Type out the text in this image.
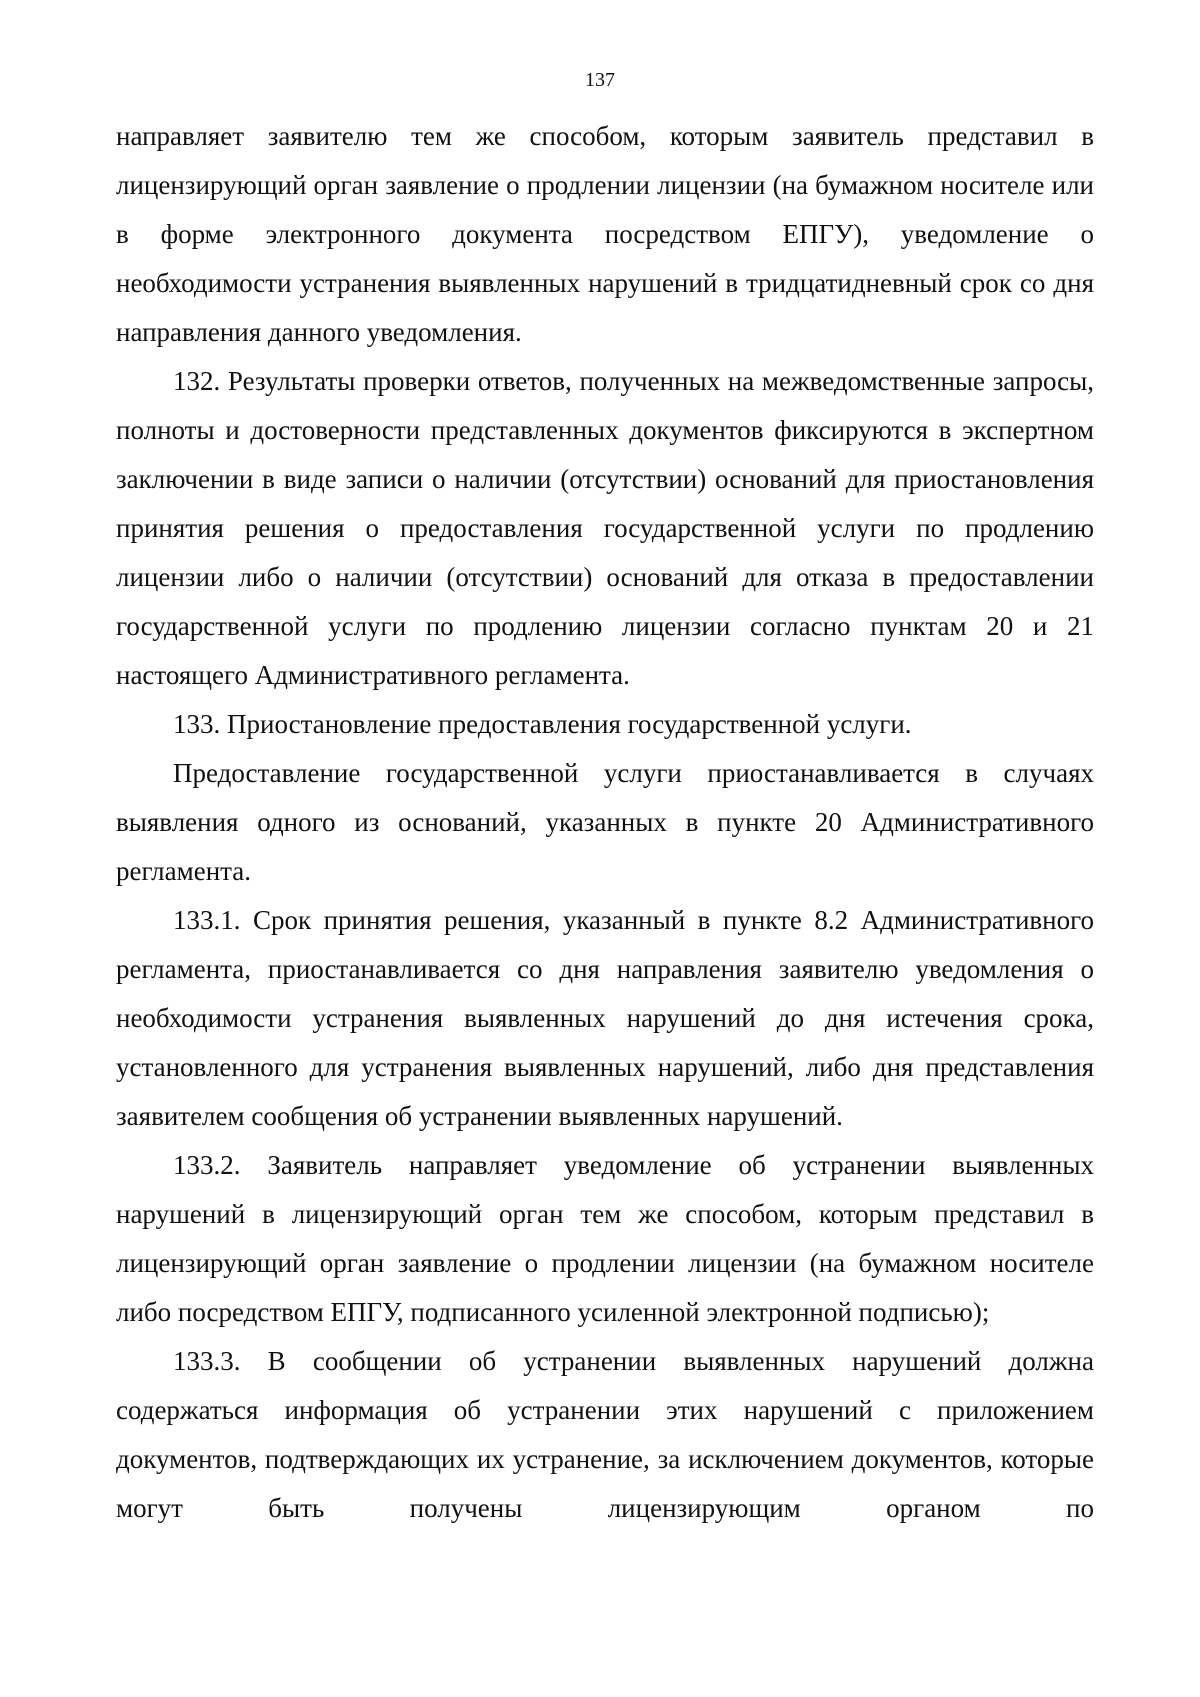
137

направляет заявителю тем же способом, которым заявитель представил в лицензирующий орган заявление о продлении лицензии (на бумажном носителе или в форме электронного документа посредством ЕПГУ), уведомление о необходимости устранения выявленных нарушений в тридцатидневный срок со дня направления данного уведомления.

132. Результаты проверки ответов, полученных на межведомственные запросы, полноты и достоверности представленных документов фиксируются в экспертном заключении в виде записи о наличии (отсутствии) оснований для приостановления принятия решения о предоставления государственной услуги по продлению лицензии либо о наличии (отсутствии) оснований для отказа в предоставлении государственной услуги по продлению лицензии согласно пунктам 20 и 21 настоящего Административного регламента.

133. Приостановление предоставления государственной услуги.

Предоставление государственной услуги приостанавливается в случаях выявления одного из оснований, указанных в пункте 20 Административного регламента.

133.1. Срок принятия решения, указанный в пункте 8.2 Административного регламента, приостанавливается со дня направления заявителю уведомления о необходимости устранения выявленных нарушений до дня истечения срока, установленного для устранения выявленных нарушений, либо дня представления заявителем сообщения об устранении выявленных нарушений.

133.2. Заявитель направляет уведомление об устранении выявленных нарушений в лицензирующий орган тем же способом, которым представил в лицензирующий орган заявление о продлении лицензии (на бумажном носителе либо посредством ЕПГУ, подписанного усиленной электронной подписью);

133.3. В сообщении об устранении выявленных нарушений должна содержаться информация об устранении этих нарушений с приложением документов, подтверждающих их устранение, за исключением документов, которые могут быть получены лицензирующим органом по
